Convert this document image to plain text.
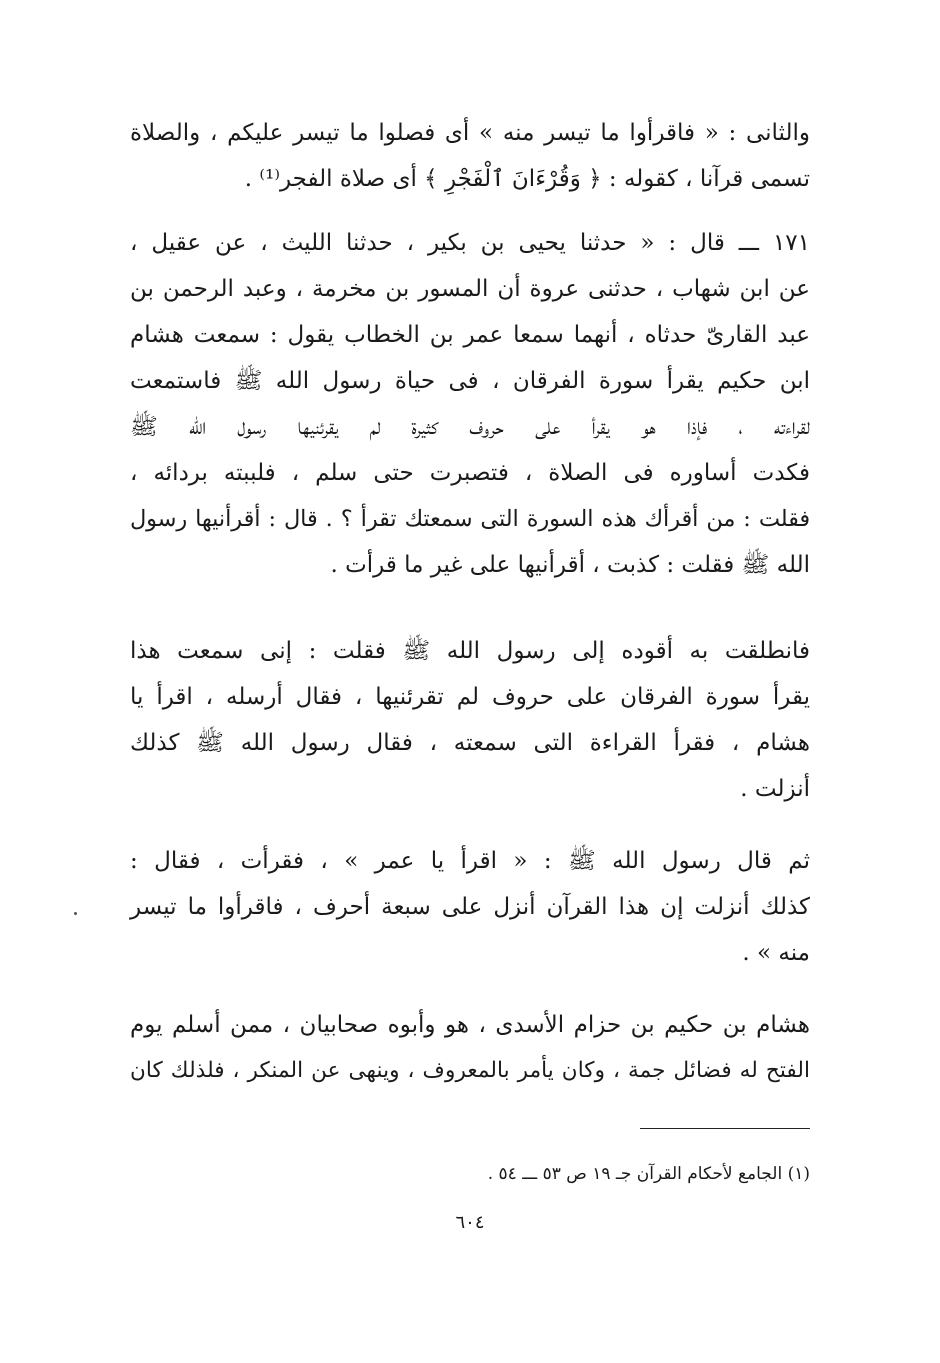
والثانى : « فاقرأوا ما تيسر منه » أى فصلوا ما تيسر عليكم ، والصلاة
تسمى قرآنا ، كقوله : ﴿ وَقُرْءَانَ ٱلْفَجْرِ ﴾ أى صلاة الفجر⁽¹⁾ .
١٧١ ـــ قال : « حدثنا يحيى بن بكير ، حدثنا الليث ، عن عقيل ،
عن ابن شهاب ، حدثنى عروة أن المسور بن مخرمة ، وعبد الرحمن بن
عبد القارىّ حدثاه ، أنهما سمعا عمر بن الخطاب يقول : سمعت هشام
ابن حكيم يقرأ سورة الفرقان ، فى حياة رسول الله ﷺ فاستمعت
لقراءته ، فإذا هو يقرأ على حروف كثيرة لم يقرئنيها رسول الله ﷺ
فكدت أساوره فى الصلاة ، فتصبرت حتى سلم ، فلببته بردائه ،
فقلت : من أقرأك هذه السورة التى سمعتك تقرأ ؟ . قال : أقرأنيها رسول
الله ﷺ فقلت : كذبت ، أقرأنيها على غير ما قرأت .
فانطلقت به أقوده إلى رسول الله ﷺ فقلت : إنى سمعت هذا
يقرأ سورة الفرقان على حروف لم تقرئنيها ، فقال أرسله ، اقرأ يا
هشام ، فقرأ القراءة التى سمعته ، فقال رسول الله ﷺ كذلك
أنزلت .
ثم قال رسول الله ﷺ : « اقرأ يا عمر » ، فقرأت ، فقال :
كذلك أنزلت إن هذا القرآن أنزل على سبعة أحرف ، فاقرأوا ما تيسر
منه » .
هشام بن حكيم بن حزام الأسدى ، هو وأبوه صحابيان ، ممن أسلم يوم
الفتح له فضائل جمة ، وكان يأمر بالمعروف ، وينهى عن المنكر ، فلذلك كان
(١) الجامع لأحكام القرآن جـ ١٩ ص ٥٣ ـــ ٥٤ .
٦٠٤
